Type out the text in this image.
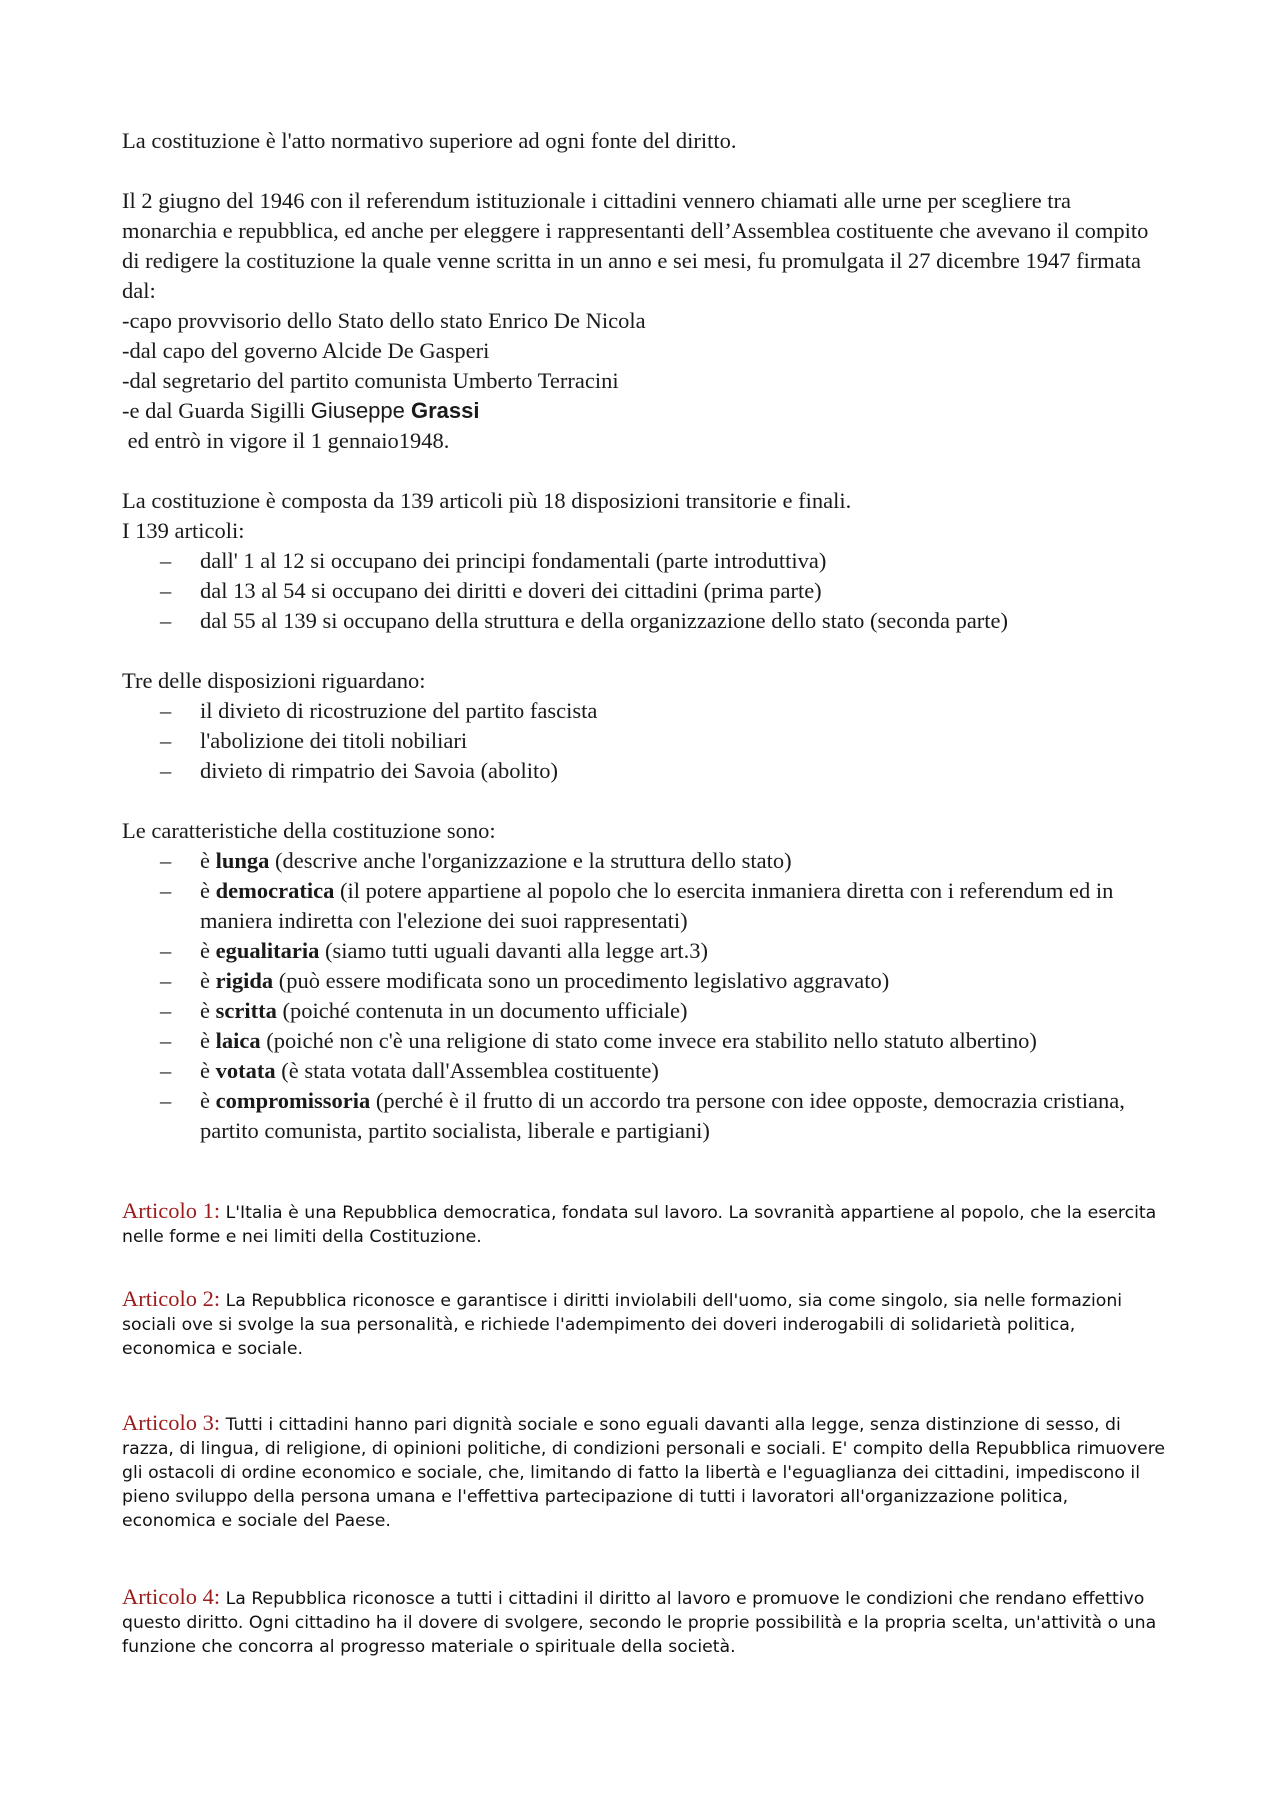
La costituzione è l'atto normativo superiore ad ogni fonte del diritto.

Il 2 giugno del 1946 con il referendum istituzionale i cittadini vennero chiamati alle urne per scegliere tra monarchia e repubblica, ed anche per eleggere i rappresentanti dell’Assemblea costituente che avevano il compito di redigere la costituzione la quale venne scritta in un anno e sei mesi, fu promulgata il 27 dicembre 1947 firmata dal:

-capo provvisorio dello Stato dello stato Enrico De Nicola

-dal capo del governo Alcide De Gasperi

-dal segretario del partito comunista Umberto Terracini

-e dal Guarda Sigilli Giuseppe Grassi

ed entrò in vigore il 1 gennaio1948.

La costituzione è composta da 139 articoli più 18 disposizioni transitorie e finali.

I 139 articoli:

– dall' 1 al 12 si occupano dei principi fondamentali (parte introduttiva)
– dal 13 al 54 si occupano dei diritti e doveri dei cittadini (prima parte)
– dal 55 al 139 si occupano della struttura e della organizzazione dello stato (seconda parte)

Tre delle disposizioni riguardano:

– il divieto di ricostruzione del partito fascista
– l'abolizione dei titoli nobiliari
– divieto di rimpatrio dei Savoia (abolito)

Le caratteristiche della costituzione sono:

– è lunga (descrive anche l'organizzazione e la struttura dello stato)
– è democratica (il potere appartiene al popolo che lo esercita inmaniera diretta con i referendum ed in maniera indiretta con l'elezione dei suoi rappresentati)
– è egualitaria (siamo tutti uguali davanti alla legge art.3)
– è rigida (può essere modificata sono un procedimento legislativo aggravato)
– è scritta (poiché contenuta in un documento ufficiale)
– è laica (poiché non c'è una religione di stato come invece era stabilito nello statuto albertino)
– è votata (è stata votata dall'Assemblea costituente)
– è compromissoria (perché è il frutto di un accordo tra persone con idee opposte, democrazia cristiana, partito comunista, partito socialista, liberale e partigiani)

Articolo 1: L'Italia è una Repubblica democratica, fondata sul lavoro. La sovranità appartiene al popolo, che la esercita nelle forme e nei limiti della Costituzione.

Articolo 2: La Repubblica riconosce e garantisce i diritti inviolabili dell'uomo, sia come singolo, sia nelle formazioni sociali ove si svolge la sua personalità, e richiede l'adempimento dei doveri inderogabili di solidarietà politica, economica e sociale.

Articolo 3: Tutti i cittadini hanno pari dignità sociale e sono eguali davanti alla legge, senza distinzione di sesso, di razza, di lingua, di religione, di opinioni politiche, di condizioni personali e sociali. E' compito della Repubblica rimuovere gli ostacoli di ordine economico e sociale, che, limitando di fatto la libertà e l'eguaglianza dei cittadini, impediscono il pieno sviluppo della persona umana e l'effettiva partecipazione di tutti i lavoratori all'organizzazione politica, economica e sociale del Paese.

Articolo 4: La Repubblica riconosce a tutti i cittadini il diritto al lavoro e promuove le condizioni che rendano effettivo questo diritto. Ogni cittadino ha il dovere di svolgere, secondo le proprie possibilità e la propria scelta, un'attività o una funzione che concorra al progresso materiale o spirituale della società.
